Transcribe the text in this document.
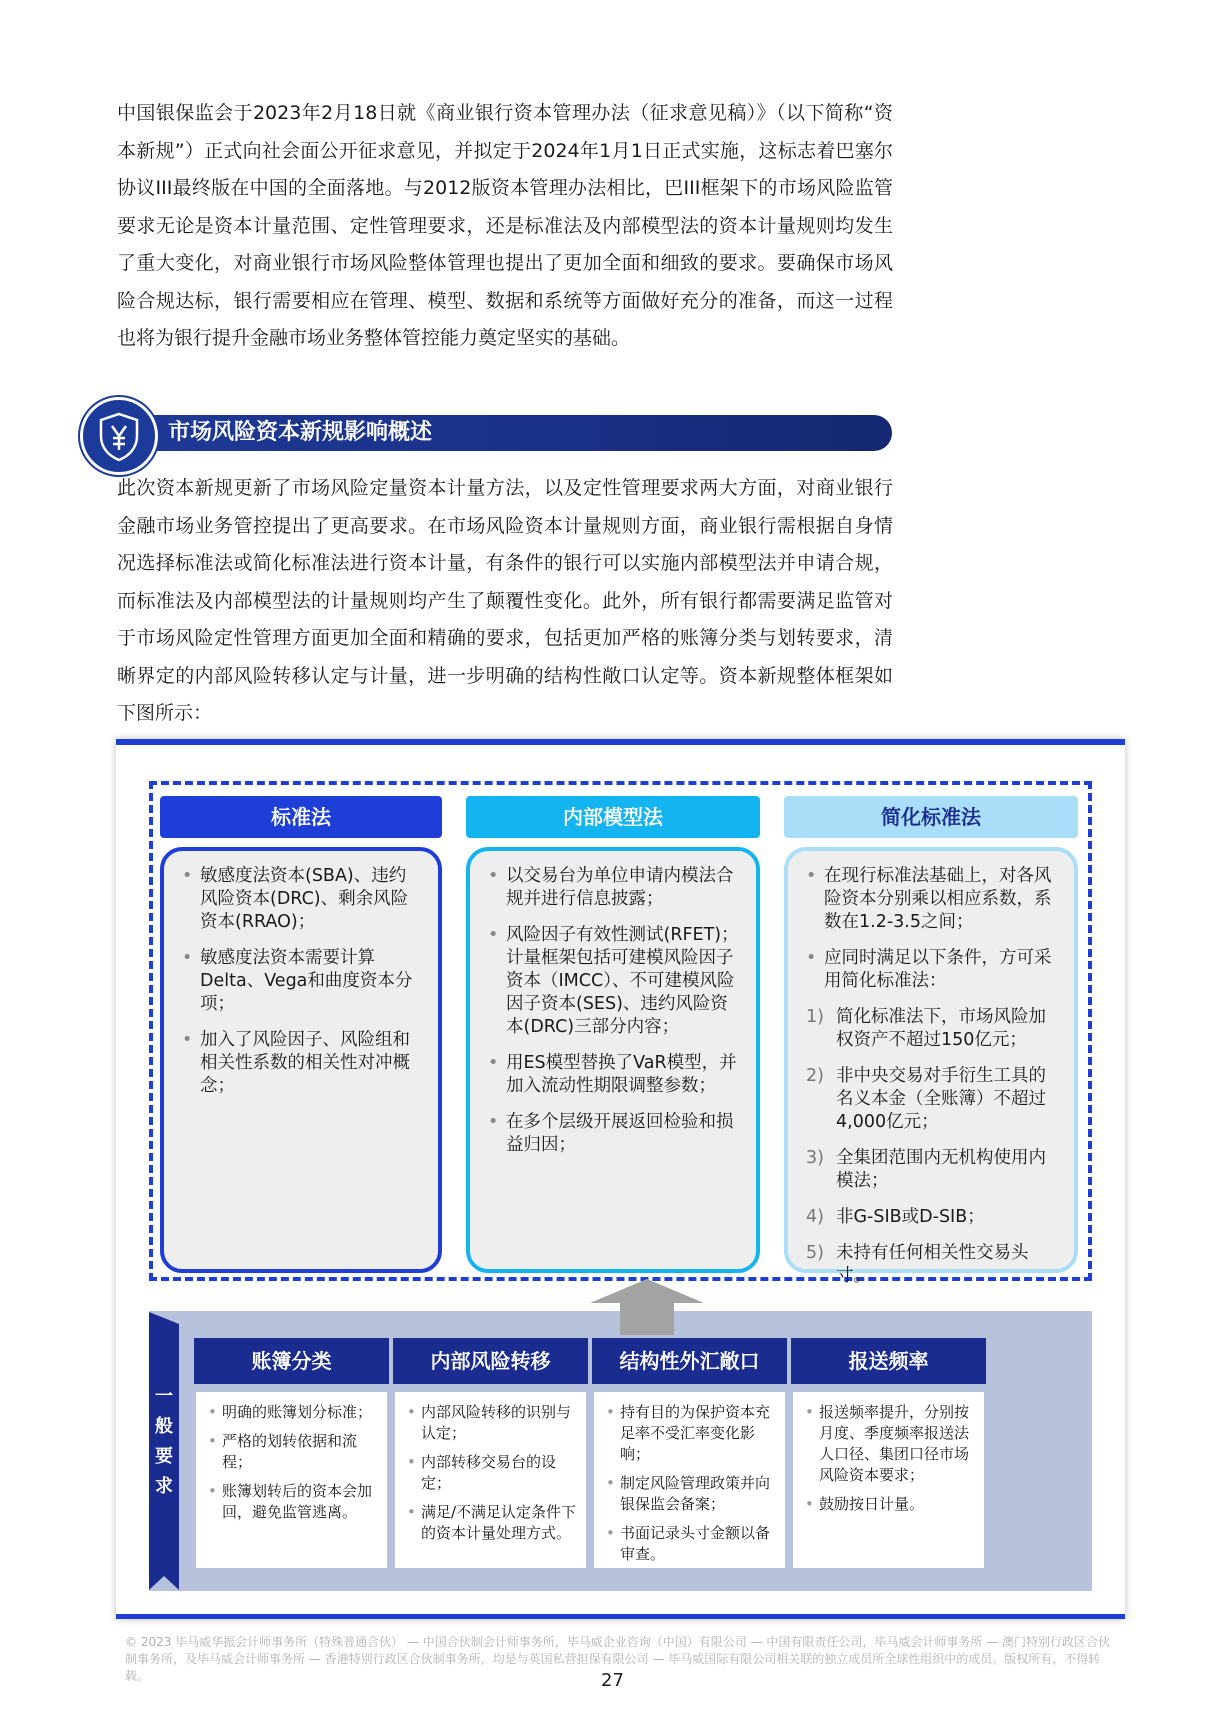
中国银保监会于2023年2月18日就《商业银行资本管理办法（征求意见稿）》（以下简称“资本新规”）正式向社会面公开征求意见，并拟定于2024年1月1日正式实施，这标志着巴塞尔协议III最终版在中国的全面落地。与2012版资本管理办法相比，巴III框架下的市场风险监管要求无论是资本计量范围、定性管理要求，还是标准法及内部模型法的资本计量规则均发生了重大变化，对商业银行市场风险整体管理也提出了更加全面和细致的要求。要确保市场风险合规达标，银行需要相应在管理、模型、数据和系统等方面做好充分的准备，而这一过程也将为银行提升金融市场业务整体管控能力奠定坚实的基础。

市场风险资本新规影响概述

此次资本新规更新了市场风险定量资本计量方法，以及定性管理要求两大方面，对商业银行金融市场业务管控提出了更高要求。在市场风险资本计量规则方面，商业银行需根据自身情况选择标准法或简化标准法进行资本计量，有条件的银行可以实施内部模型法并申请合规，而标准法及内部模型法的计量规则均产生了颠覆性变化。此外，所有银行都需要满足监管对于市场风险定性管理方面更加全面和精确的要求，包括更加严格的账簿分类与划转要求，清晰界定的内部风险转移认定与计量，进一步明确的结构性敞口认定等。资本新规整体框架如下图所示：

标准法	内部模型法	简化标准法
• 敏感度法资本(SBA)、违约风险资本(DRC)、剩余风险资本(RRAO)；
• 敏感度法资本需要计算Delta、Vega和曲度资本分项；
• 加入了风险因子、风险组和相关性系数的相关性对冲概念；
• 以交易台为单位申请内模法合规并进行信息披露；
• 风险因子有效性测试(RFET)；计量框架包括可建模风险因子资本（IMCC）、不可建模风险因子资本(SES)、违约风险资本(DRC)三部分内容；
• 用ES模型替换了VaR模型，并加入流动性期限调整参数；
• 在多个层级开展返回检验和损益归因；
• 在现行标准法基础上，对各风险资本分别乘以相应系数，系数在1.2-3.5之间；
• 应同时满足以下条件，方可采用简化标准法：
1) 简化标准法下，市场风险加权资产不超过150亿元；
2) 非中央交易对手衍生工具的名义本金（全账簿）不超过4,000亿元；
3) 全集团范围内无机构使用内模法；
4) 非G-SIB或D-SIB；
5) 未持有任何相关性交易头寸。
一
般
要
求
账簿分类	内部风险转移	结构性外汇敞口	报送频率
• 明确的账簿划分标准；
• 严格的划转依据和流程；
• 账簿划转后的资本会加回，避免监管逃离。
• 内部风险转移的识别与认定；
• 内部转移交易台的设定；
• 满足/不满足认定条件下的资本计量处理方式。
• 持有目的为保护资本充足率不受汇率变化影响；
• 制定风险管理政策并向银保监会备案；
• 书面记录头寸金额以备审查。
• 报送频率提升，分别按月度、季度频率报送法人口径、集团口径市场风险资本要求；
• 鼓励按日计量。

© 2023 毕马威华振会计师事务所（特殊普通合伙） — 中国合伙制会计师事务所，毕马威企业咨询（中国）有限公司 — 中国有限责任公司，毕马威会计师事务所 — 澳门特别行政区合伙制事务所，及毕马威会计师事务所 — 香港特别行政区合伙制事务所，均是与英国私营担保有限公司 — 毕马威国际有限公司相关联的独立成员所全球性组织中的成员。版权所有，不得转载。	27
